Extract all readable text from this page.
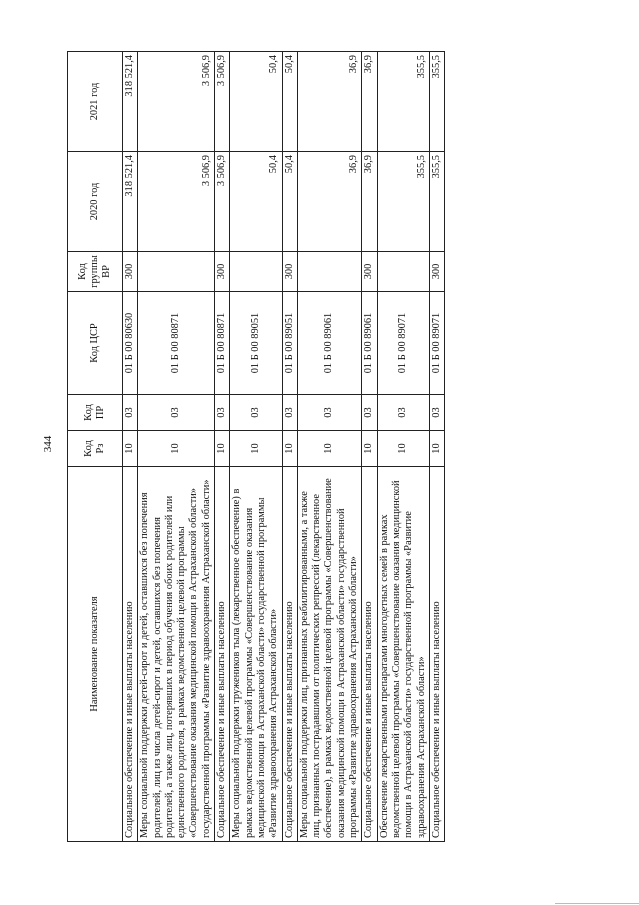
344
Наименование показателя	Код Рз	Код ПР	Код ЦСР	Код группы ВР	2020 год	2021 год
Социальное обеспечение и иные выплаты населению	10	03	01 Б 00 80630	300	318 521,4	318 521,4
Меры социальной поддержки детей-сирот и детей, оставшихся без попечения родителей, лиц из числа детей-сирот и детей, оставшихся без попечения родителей, а также лиц, потерявших в период обучения обоих родителей или единственного родителя, в рамках ведомственной целевой программы «Совершенствование оказания медицинской помощи в Астраханской области» государственной программы «Развитие здравоохранения Астраханской области»	10	03	01 Б 00 80871		3 506,9	3 506,9
Социальное обеспечение и иные выплаты населению	10	03	01 Б 00 80871	300	3 506,9	3 506,9
Меры социальной поддержки тружеников тыла (лекарственное обеспечение) в рамках ведомственной целевой программы «Совершенствование оказания медицинской помощи в Астраханской области» государственной программы «Развитие здравоохранения Астраханской области»	10	03	01 Б 00 89051		50,4	50,4
Социальное обеспечение и иные выплаты населению	10	03	01 Б 00 89051	300	50,4	50,4
Меры социальной поддержки лиц, признанных реабилитированными, а также лиц, признанных пострадавшими от политических репрессий (лекарственное обеспечение), в рамках ведомственной целевой программы «Совершенствование оказания медицинской помощи в Астраханской области» государственной программы «Развитие здравоохранения Астраханской области»	10	03	01 Б 00 89061		36,9	36,9
Социальное обеспечение и иные выплаты населению	10	03	01 Б 00 89061	300	36,9	36,9
Обеспечение лекарственными препаратами многодетных семей в рамках ведомственной целевой программы «Совершенствование оказания медицинской помощи в Астраханской области» государственной программы «Развитие здравоохранения Астраханской области»	10	03	01 Б 00 89071		355,5	355,5
Социальное обеспечение и иные выплаты населению	10	03	01 Б 00 89071	300	355,5	355,5
